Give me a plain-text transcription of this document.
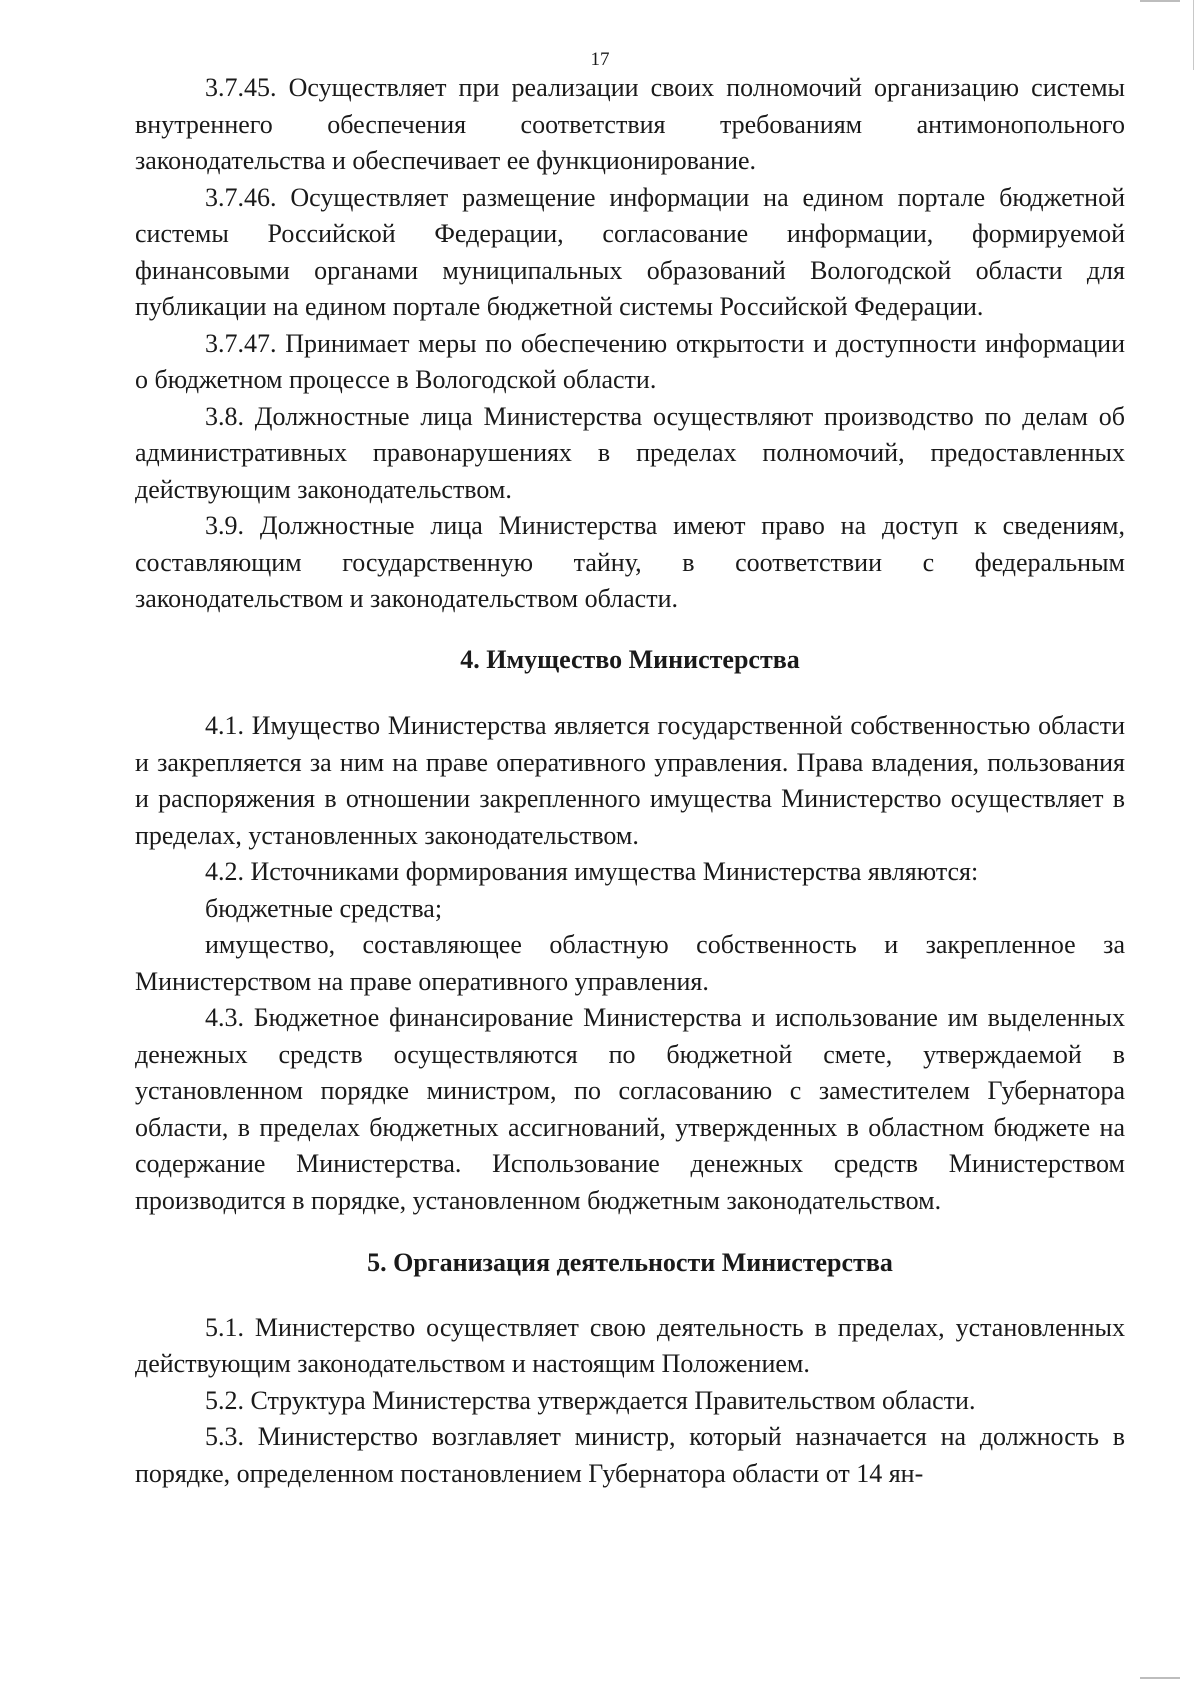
17

3.7.45. Осуществляет при реализации своих полномочий организацию системы внутреннего обеспечения соответствия требованиям антимонопольного законодательства и обеспечивает ее функционирование.

3.7.46. Осуществляет размещение информации на едином портале бюджетной системы Российской Федерации, согласование информации, формируемой финансовыми органами муниципальных образований Вологодской области для публикации на едином портале бюджетной системы Российской Федерации.

3.7.47. Принимает меры по обеспечению открытости и доступности информации о бюджетном процессе в Вологодской области.

3.8. Должностные лица Министерства осуществляют производство по делам об административных правонарушениях в пределах полномочий, предоставленных действующим законодательством.

3.9. Должностные лица Министерства имеют право на доступ к сведениям, составляющим государственную тайну, в соответствии с федеральным законодательством и законодательством области.

4. Имущество Министерства

4.1. Имущество Министерства является государственной собственностью области и закрепляется за ним на праве оперативного управления. Права владения, пользования и распоряжения в отношении закрепленного имущества Министерство осуществляет в пределах, установленных законодательством.

4.2. Источниками формирования имущества Министерства являются:

бюджетные средства;

имущество, составляющее областную собственность и закрепленное за Министерством на праве оперативного управления.

4.3. Бюджетное финансирование Министерства и использование им выделенных денежных средств осуществляются по бюджетной смете, утверждаемой в установленном порядке министром, по согласованию с заместителем Губернатора области, в пределах бюджетных ассигнований, утвержденных в областном бюджете на содержание Министерства. Использование денежных средств Министерством производится в порядке, установленном бюджетным законодательством.

5. Организация деятельности Министерства

5.1. Министерство осуществляет свою деятельность в пределах, установленных действующим законодательством и настоящим Положением.

5.2. Структура Министерства утверждается Правительством области.

5.3. Министерство возглавляет министр, который назначается на должность в порядке, определенном постановлением Губернатора области от 14 ян-
